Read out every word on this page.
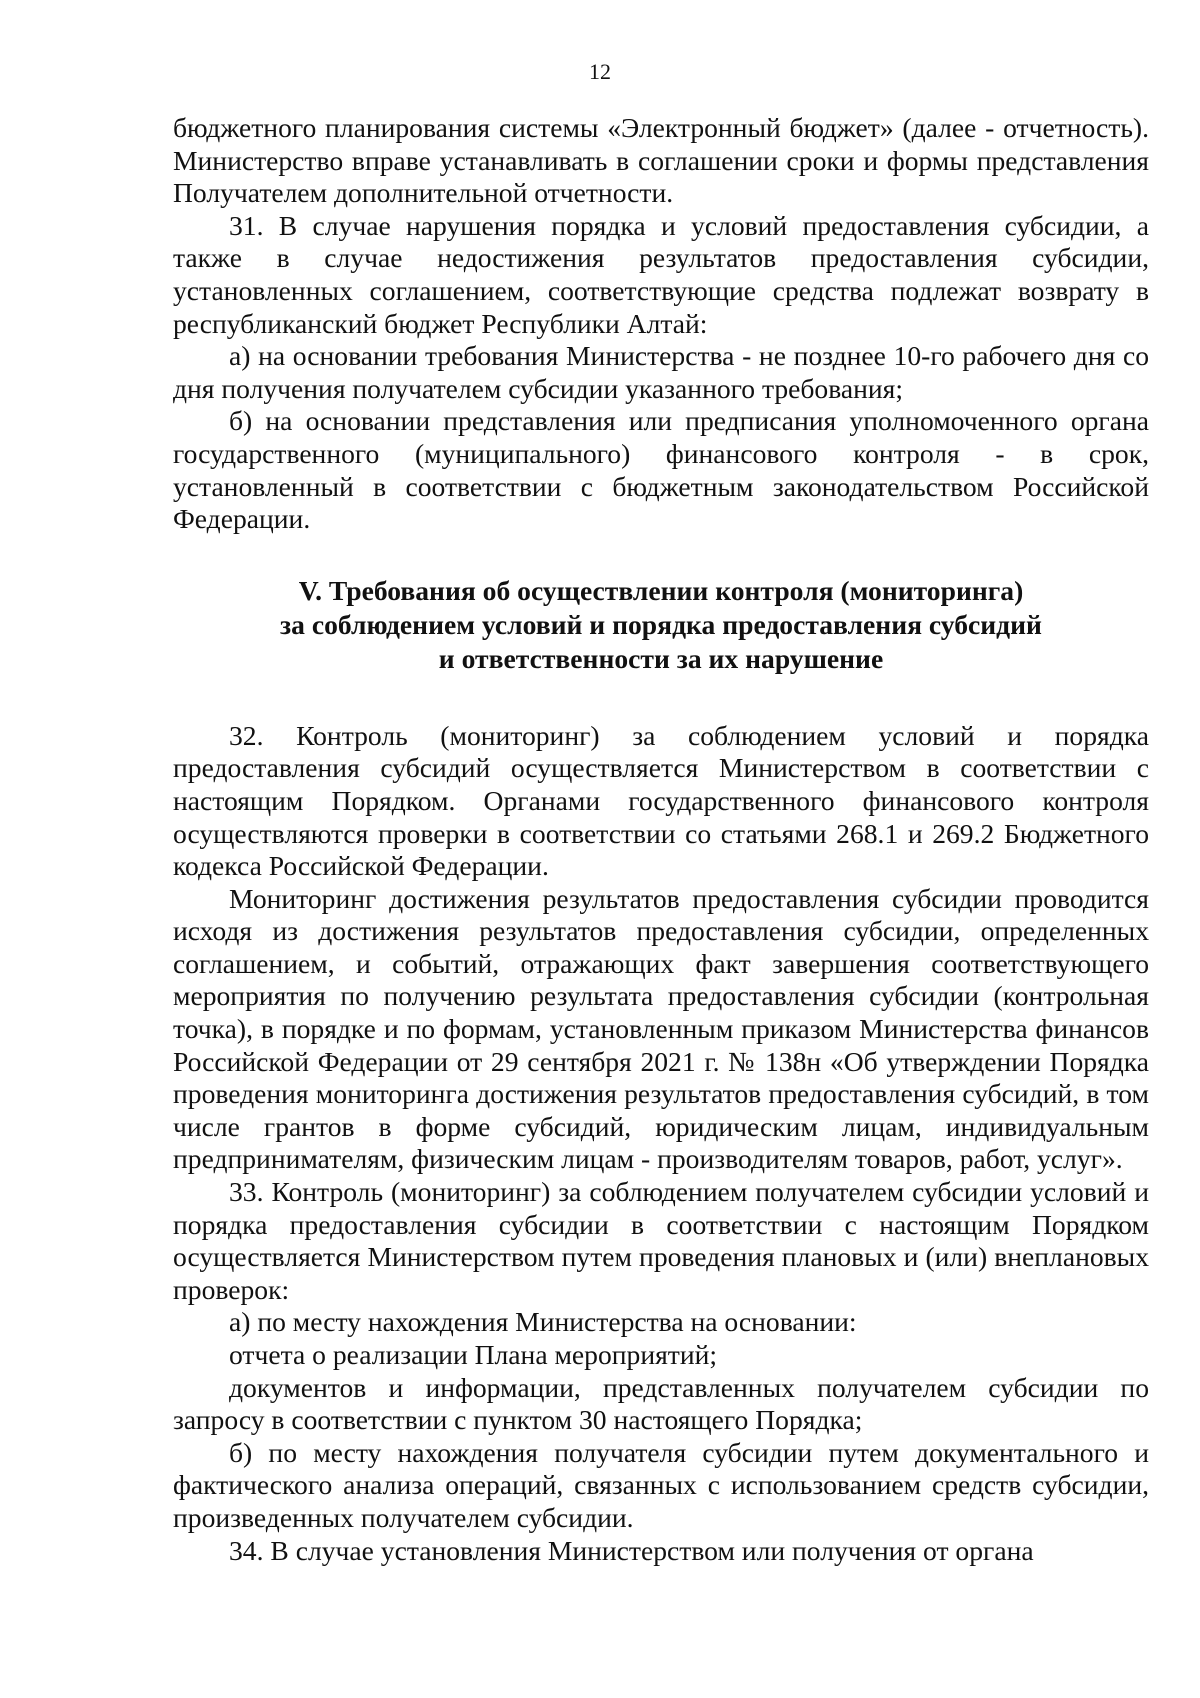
12

бюджетного планирования системы «Электронный бюджет» (далее - отчетность). Министерство вправе устанавливать в соглашении сроки и формы представления Получателем дополнительной отчетности.

31. В случае нарушения порядка и условий предоставления субсидии, а также в случае недостижения результатов предоставления субсидии, установленных соглашением, соответствующие средства подлежат возврату в республиканский бюджет Республики Алтай:

а) на основании требования Министерства - не позднее 10-го рабочего дня со дня получения получателем субсидии указанного требования;

б) на основании представления или предписания уполномоченного органа государственного (муниципального) финансового контроля - в срок, установленный в соответствии с бюджетным законодательством Российской Федерации.

V. Требования об осуществлении контроля (мониторинга)
за соблюдением условий и порядка предоставления субсидий
и ответственности за их нарушение

32. Контроль (мониторинг) за соблюдением условий и порядка предоставления субсидий осуществляется Министерством в соответствии с настоящим Порядком. Органами государственного финансового контроля осуществляются проверки в соответствии со статьями 268.1 и 269.2 Бюджетного кодекса Российской Федерации.

Мониторинг достижения результатов предоставления субсидии проводится исходя из достижения результатов предоставления субсидии, определенных соглашением, и событий, отражающих факт завершения соответствующего мероприятия по получению результата предоставления субсидии (контрольная точка), в порядке и по формам, установленным приказом Министерства финансов Российской Федерации от 29 сентября 2021 г. № 138н «Об утверждении Порядка проведения мониторинга достижения результатов предоставления субсидий, в том числе грантов в форме субсидий, юридическим лицам, индивидуальным предпринимателям, физическим лицам - производителям товаров, работ, услуг».

33. Контроль (мониторинг) за соблюдением получателем субсидии условий и порядка предоставления субсидии в соответствии с настоящим Порядком осуществляется Министерством путем проведения плановых и (или) внеплановых проверок:

а) по месту нахождения Министерства на основании:

отчета о реализации Плана мероприятий;

документов и информации, представленных получателем субсидии по запросу в соответствии с пунктом 30 настоящего Порядка;

б) по месту нахождения получателя субсидии путем документального и фактического анализа операций, связанных с использованием средств субсидии, произведенных получателем субсидии.

34. В случае установления Министерством или получения от органа
